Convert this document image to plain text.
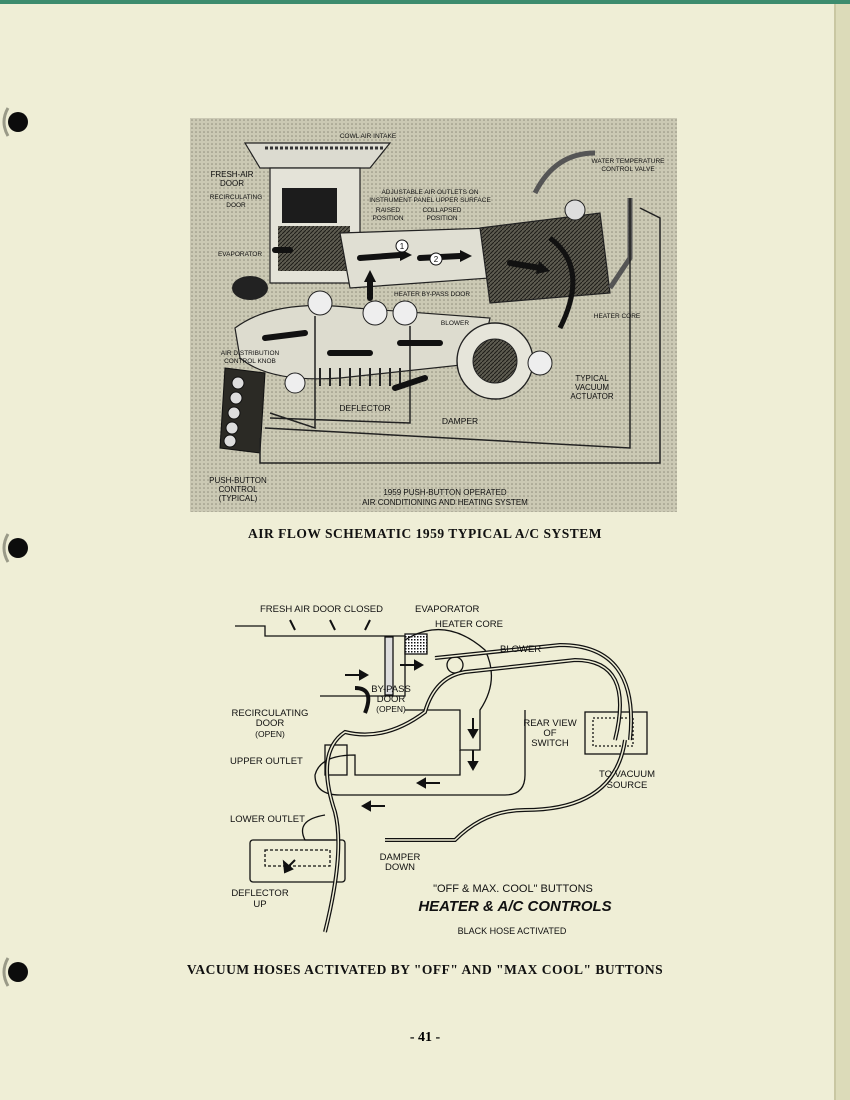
1
2
COWL AIR INTAKE
WATER TEMPERATURE
CONTROL VALVE
FRESH-AIR
DOOR
RECIRCULATING
DOOR
ADJUSTABLE AIR OUTLETS ON
INSTRUMENT PANEL UPPER SURFACE
RAISED
POSITION
COLLAPSED
POSITION
EVAPORATOR
HEATER BY-PASS DOOR
HEATER CORE
BLOWER
AIR DISTRIBUTION
CONTROL KNOB
TYPICAL
VACUUM
ACTUATOR
DEFLECTOR
DAMPER
PUSH-BUTTON
CONTROL
(TYPICAL)
1959 PUSH-BUTTON OPERATED
AIR CONDITIONING AND HEATING SYSTEM
AIR FLOW SCHEMATIC 1959 TYPICAL A/C SYSTEM
FRESH AIR DOOR CLOSED	EVAPORATOR
HEATER CORE
BLOWER
BY-PASS
DOOR
(OPEN)
RECIRCULATING
DOOR
(OPEN)
REAR VIEW
OF
SWITCH
UPPER OUTLET
TO VACUUM
SOURCE
LOWER OUTLET
DAMPER
DOWN
DEFLECTOR
UP
"OFF & MAX. COOL" BUTTONS
HEATER & A/C CONTROLS
BLACK HOSE ACTIVATED
VACUUM HOSES ACTIVATED BY "OFF" AND "MAX COOL" BUTTONS
- 41 -
